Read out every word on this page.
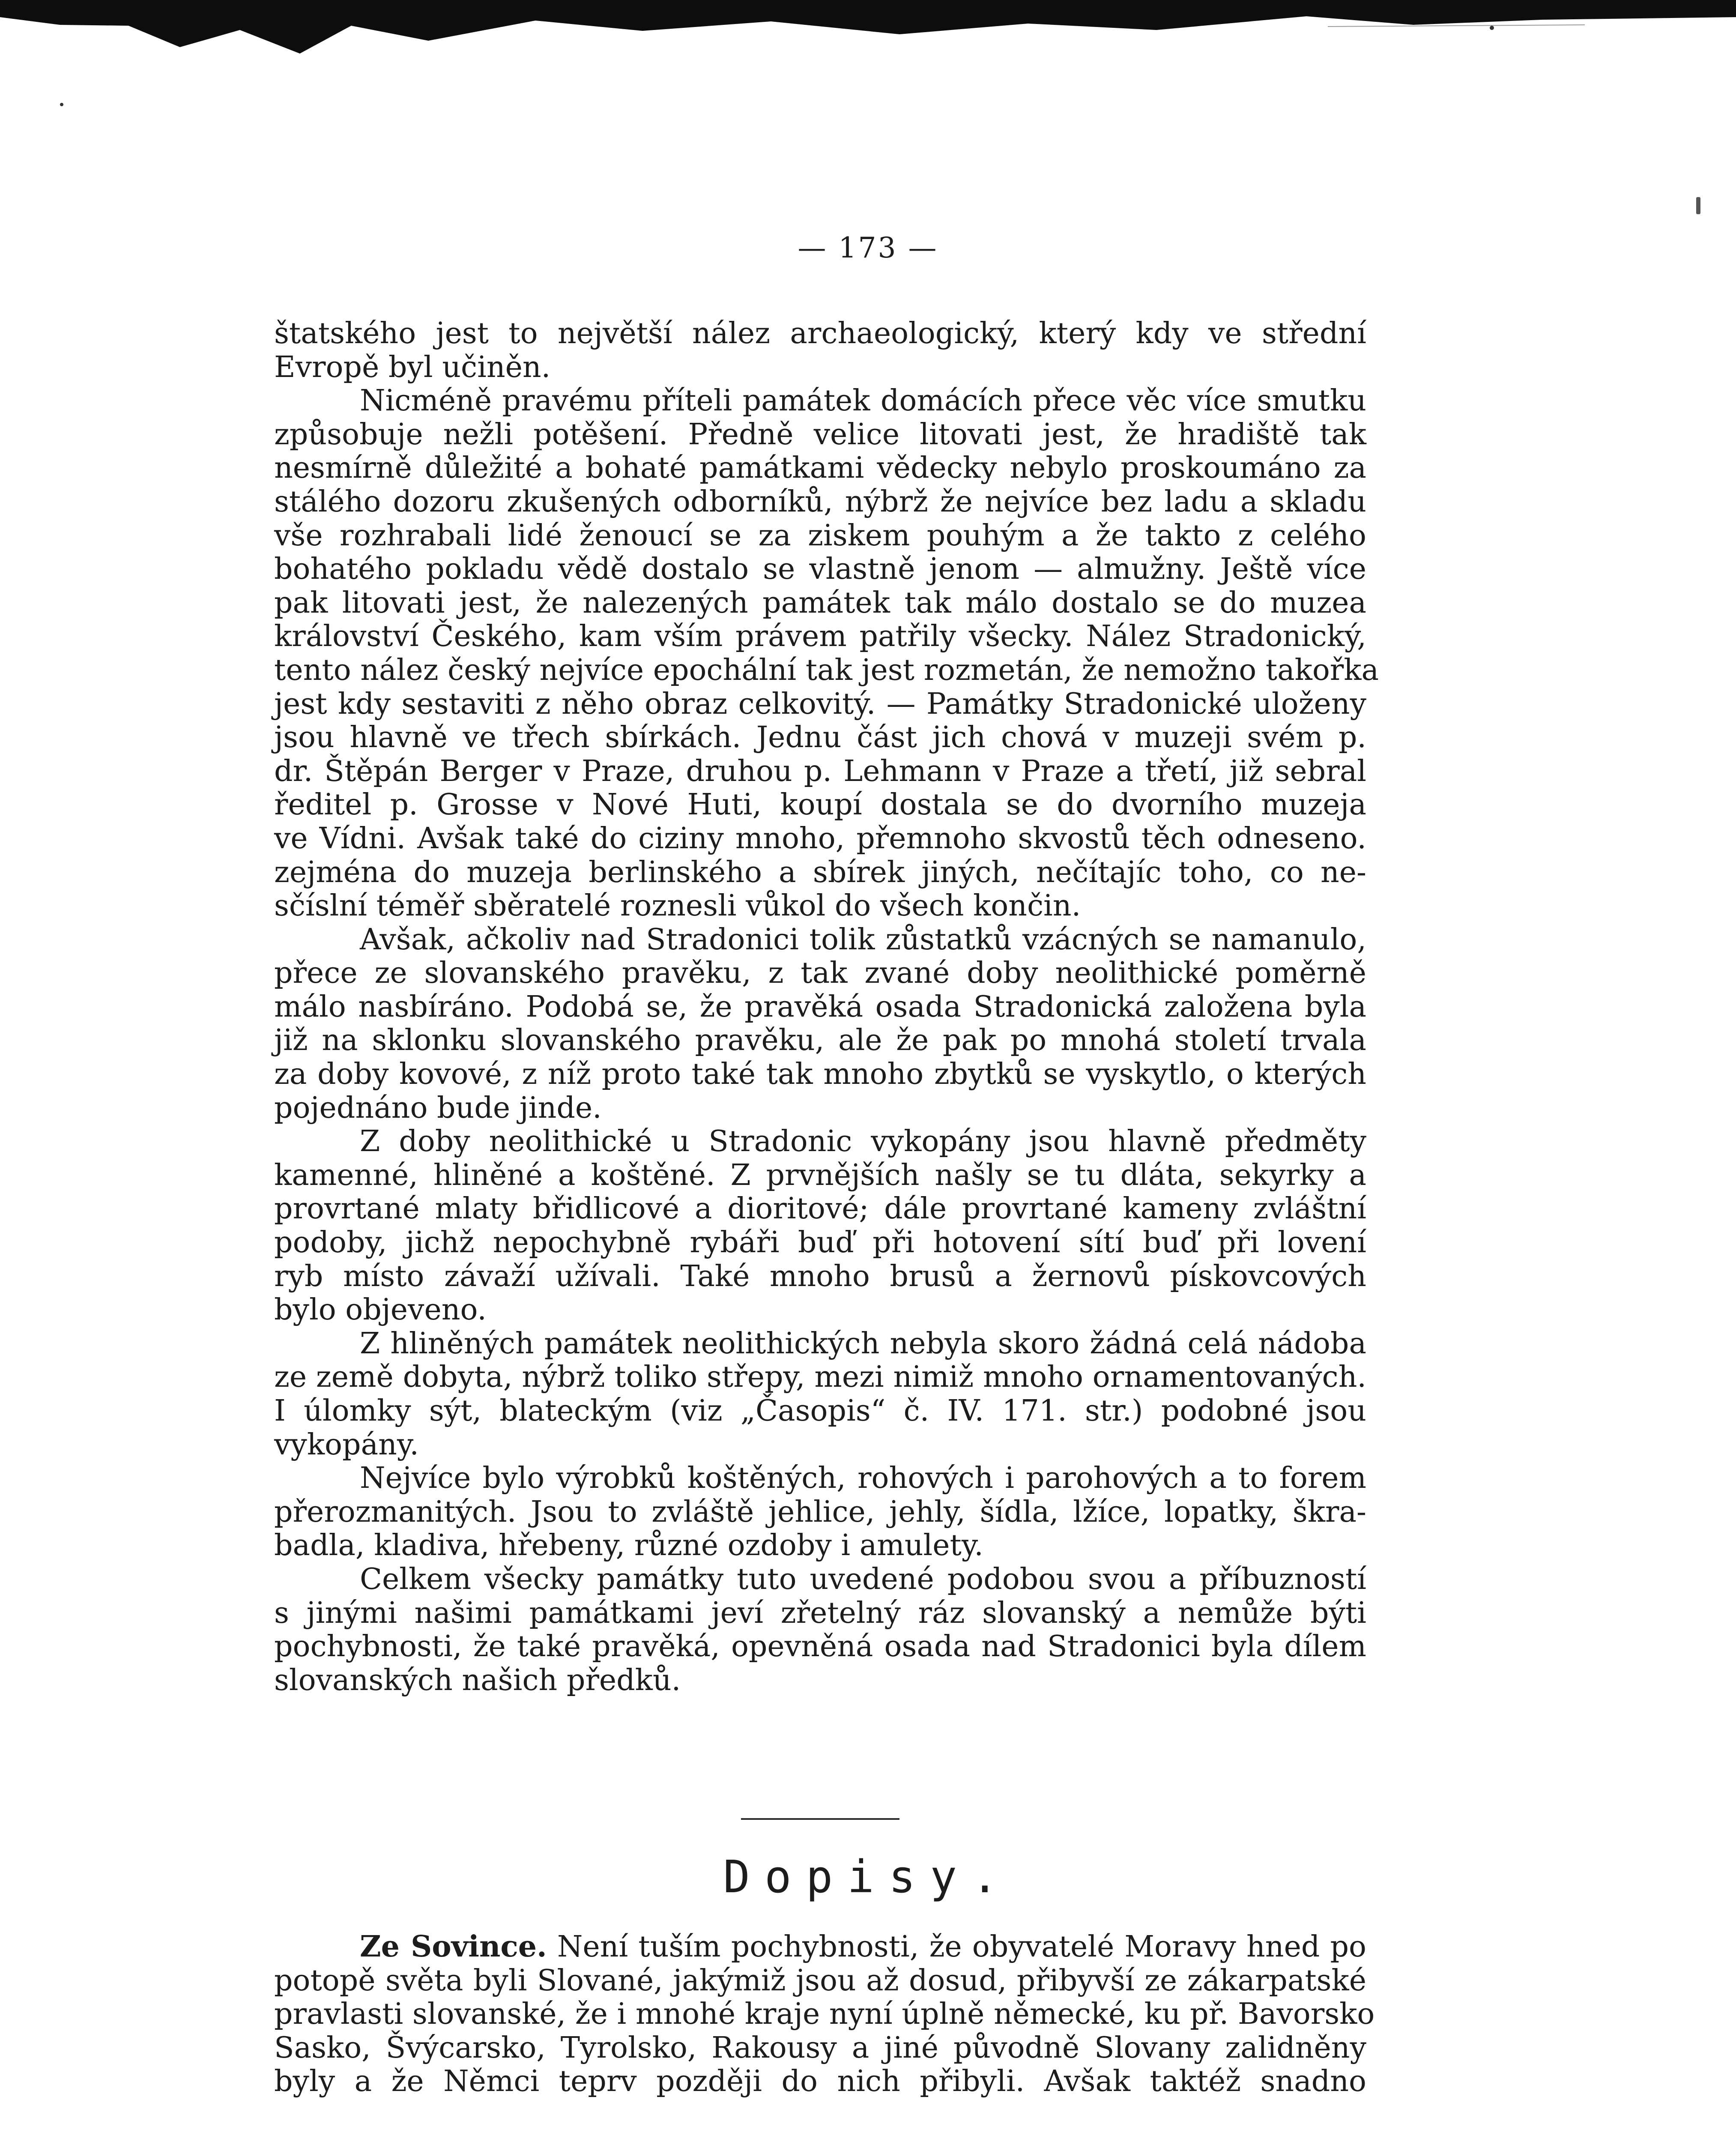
— 173 —
štatského jest to největší nález archaeologický, který kdy ve střední
Evropě byl učiněn.
Nicméně pravému příteli památek domácích přece věc více smutku
způsobuje nežli potěšení. Předně velice litovati jest, že hradiště tak
nesmírně důležité a bohaté památkami vědecky nebylo proskoumáno za
stálého dozoru zkušených odborníků, nýbrž že nejvíce bez ladu a skladu
vše rozhrabali lidé ženoucí se za ziskem pouhým a že takto z celého
bohatého pokladu vědě dostalo se vlastně jenom — almužny. Ještě více
pak litovati jest, že nalezených památek tak málo dostalo se do muzea
království Českého, kam vším právem patřily všecky. Nález Stradonický,
tento nález český nejvíce epochální tak jest rozmetán, že nemožno takořka
jest kdy sestaviti z něho obraz celkovitý. — Památky Stradonické uloženy
jsou hlavně ve třech sbírkách. Jednu část jich chová v muzeji svém p.
dr. Štěpán Berger v Praze, druhou p. Lehmann v Praze a třetí, již sebral
ředitel p. Grosse v Nové Huti, koupí dostala se do dvorního muzeja
ve Vídni. Avšak také do ciziny mnoho, přemnoho skvostů těch odneseno.
zejména do muzeja berlinského a sbírek jiných, nečítajíc toho, co ne-
sčíslní téměř sběratelé roznesli vůkol do všech končin.
Avšak, ačkoliv nad Stradonici tolik zůstatků vzácných se namanulo,
přece ze slovanského pravěku, z tak zvané doby neolithické poměrně
málo nasbíráno. Podobá se, že pravěká osada Stradonická založena byla
již na sklonku slovanského pravěku, ale že pak po mnohá století trvala
za doby kovové, z níž proto také tak mnoho zbytků se vyskytlo, o kterých
pojednáno bude jinde.
Z doby neolithické u Stradonic vykopány jsou hlavně předměty
kamenné, hliněné a koštěné. Z prvnějších našly se tu dláta, sekyrky a
provrtané mlaty břidlicové a dioritové; dále provrtané kameny zvláštní
podoby, jichž nepochybně rybáři buď při hotovení sítí buď při lovení
ryb místo závaží užívali. Také mnoho brusů a žernovů pískovcových
bylo objeveno.
Z hliněných památek neolithických nebyla skoro žádná celá nádoba
ze země dobyta, nýbrž toliko střepy, mezi nimiž mnoho ornamentovaných.
I úlomky sýt, blateckým (viz „Časopis“ č. IV. 171. str.) podobné jsou
vykopány.
Nejvíce bylo výrobků koštěných, rohových i parohových a to forem
přerozmanitých. Jsou to zvláště jehlice, jehly, šídla, lžíce, lopatky, škra-
badla, kladiva, hřebeny, různé ozdoby i amulety.
Celkem všecky památky tuto uvedené podobou svou a příbuzností
s jinými našimi památkami jeví zřetelný ráz slovanský a nemůže býti
pochybnosti, že také pravěká, opevněná osada nad Stradonici byla dílem
slovanských našich předků.
Dopisy.
Ze Sovince. Není tuším pochybnosti, že obyvatelé Moravy hned po
potopě světa byli Slované, jakýmiž jsou až dosud, přibyvší ze zákarpatské
pravlasti slovanské, že i mnohé kraje nyní úplně německé, ku př. Bavorsko
Sasko, Švýcarsko, Tyrolsko, Rakousy a jiné původně Slovany zalidněny
byly a že Němci teprv později do nich přibyli. Avšak taktéž snadno
